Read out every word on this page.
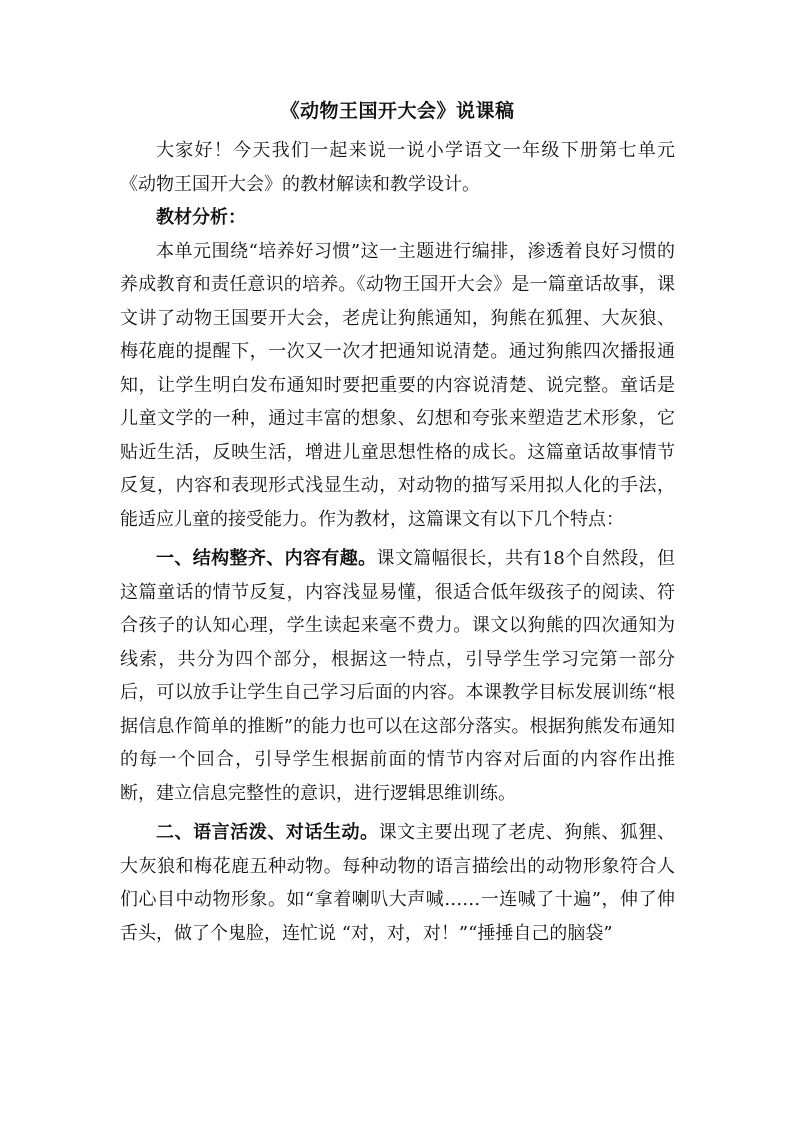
《动物王国开大会》说课稿

大家好！今天我们一起来说一说小学语文一年级下册第七单元《动物王国开大会》的教材解读和教学设计。

教材分析：

本单元围绕“培养好习惯”这一主题进行编排，渗透着良好习惯的养成教育和责任意识的培养。《动物王国开大会》是一篇童话故事，课文讲了动物王国要开大会，老虎让狗熊通知，狗熊在狐狸、大灰狼、梅花鹿的提醒下，一次又一次才把通知说清楚。通过狗熊四次播报通知，让学生明白发布通知时要把重要的内容说清楚、说完整。童话是儿童文学的一种，通过丰富的想象、幻想和夸张来塑造艺术形象，它贴近生活，反映生活，增进儿童思想性格的成长。这篇童话故事情节反复，内容和表现形式浅显生动，对动物的描写采用拟人化的手法，能适应儿童的接受能力。作为教材，这篇课文有以下几个特点：

一、结构整齐、内容有趣。课文篇幅很长，共有18个自然段，但这篇童话的情节反复，内容浅显易懂，很适合低年级孩子的阅读、符合孩子的认知心理，学生读起来毫不费力。课文以狗熊的四次通知为线索，共分为四个部分，根据这一特点，引导学生学习完第一部分后，可以放手让学生自己学习后面的内容。本课教学目标发展训练“根据信息作简单的推断”的能力也可以在这部分落实。根据狗熊发布通知的每一个回合，引导学生根据前面的情节内容对后面的内容作出推断，建立信息完整性的意识，进行逻辑思维训练。

二、语言活泼、对话生动。课文主要出现了老虎、狗熊、狐狸、大灰狼和梅花鹿五种动物。每种动物的语言描绘出的动物形象符合人们心目中动物形象。如“拿着喇叭大声喊……一连喊了十遍”，伸了伸舌头，做了个鬼脸，连忙说 “对，对，对！”“捶捶自己的脑袋”
